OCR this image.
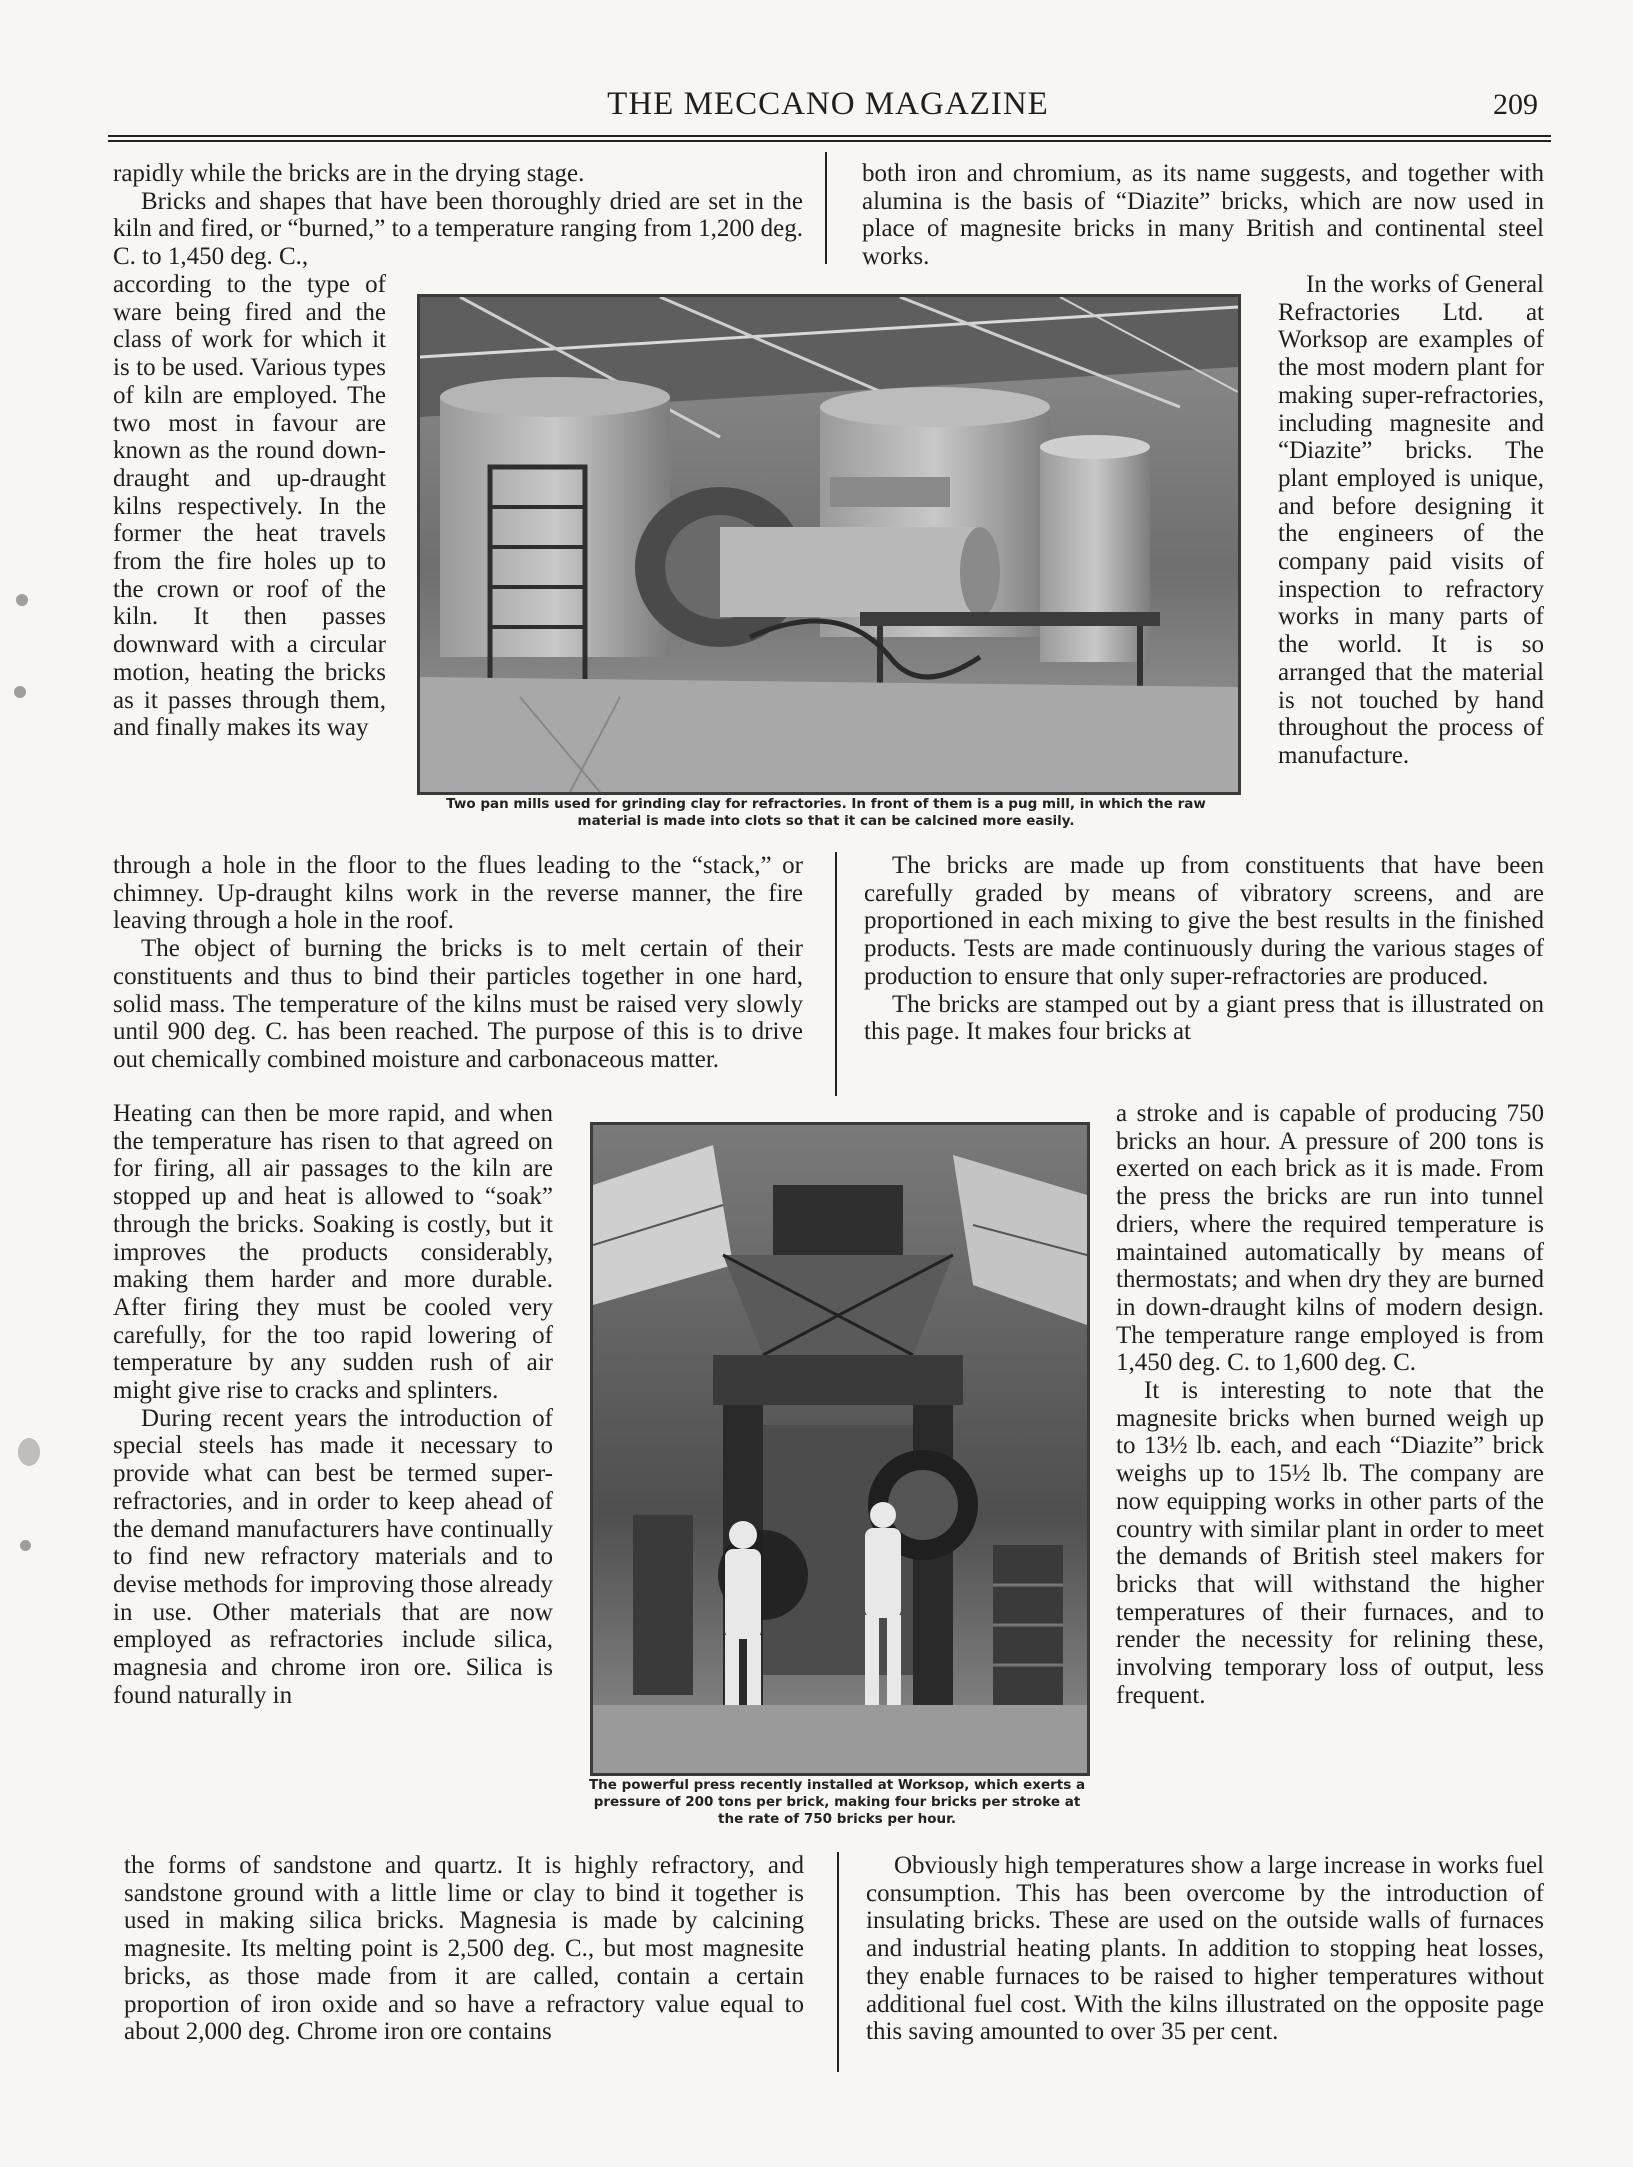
THE MECCANO MAGAZINE	209

rapidly while the bricks are in the drying stage.

Bricks and shapes that have been thoroughly dried are set in the kiln and fired, or “burned,” to a temperature ranging from 1,200 deg. C. to 1,450 deg. C.,

both iron and chromium, as its name suggests, and together with alumina is the basis of “Diazite” bricks, which are now used in place of magnesite bricks in many British and continental steel works.

according to the type of ware being fired and the class of work for which it is to be used. Various types of kiln are employed. The two most in favour are known as the round down-draught and up-draught kilns respectively. In the former the heat travels from the fire holes up to the crown or roof of the kiln. It then passes downward with a circular motion, heating the bricks as it passes through them, and finally makes its way

In the works of General Refractories Ltd. at Worksop are examples of the most modern plant for making super-refractories, including magnesite and “Diazite” bricks. The plant employed is unique, and before designing it the engineers of the company paid visits of inspection to refractory works in many parts of the world. It is so arranged that the material is not touched by hand throughout the process of manufacture.

Two pan mills used for grinding clay for refractories. In front of them is a pug mill, in which the raw material is made into clots so that it can be calcined more easily.

through a hole in the floor to the flues leading to the “stack,” or chimney. Up-draught kilns work in the reverse manner, the fire leaving through a hole in the roof.

The object of burning the bricks is to melt certain of their constituents and thus to bind their particles together in one hard, solid mass. The temperature of the kilns must be raised very slowly until 900 deg. C. has been reached. The purpose of this is to drive out chemically combined moisture and carbonaceous matter.

The bricks are made up from constituents that have been carefully graded by means of vibratory screens, and are proportioned in each mixing to give the best results in the finished products. Tests are made continuously during the various stages of production to ensure that only super-refractories are produced.

The bricks are stamped out by a giant press that is illustrated on this page. It makes four bricks at

Heating can then be more rapid, and when the temperature has risen to that agreed on for firing, all air passages to the kiln are stopped up and heat is allowed to “soak” through the bricks. Soaking is costly, but it improves the products considerably, making them harder and more durable. After firing they must be cooled very carefully, for the too rapid lowering of temperature by any sudden rush of air might give rise to cracks and splinters.

During recent years the introduction of special steels has made it necessary to provide what can best be termed super-refractories, and in order to keep ahead of the demand manufacturers have continually to find new refractory materials and to devise methods for improving those already in use. Other materials that are now employed as refractories include silica, magnesia and chrome iron ore. Silica is found naturally in

a stroke and is capable of producing 750 bricks an hour. A pressure of 200 tons is exerted on each brick as it is made. From the press the bricks are run into tunnel driers, where the required temperature is maintained automatically by means of thermostats; and when dry they are burned in down-draught kilns of modern design. The temperature range employed is from 1,450 deg. C. to 1,600 deg. C.

It is interesting to note that the magnesite bricks when burned weigh up to 13½ lb. each, and each “Diazite” brick weighs up to 15½ lb. The company are now equipping works in other parts of the country with similar plant in order to meet the demands of British steel makers for bricks that will withstand the higher temperatures of their furnaces, and to render the necessity for relining these, involving temporary loss of output, less frequent.

The powerful press recently installed at Worksop, which exerts a pressure of 200 tons per brick, making four bricks per stroke at the rate of 750 bricks per hour.

the forms of sandstone and quartz. It is highly refractory, and sandstone ground with a little lime or clay to bind it together is used in making silica bricks. Magnesia is made by calcining magnesite. Its melting point is 2,500 deg. C., but most magnesite bricks, as those made from it are called, contain a certain proportion of iron oxide and so have a refractory value equal to about 2,000 deg. Chrome iron ore contains

Obviously high temperatures show a large increase in works fuel consumption. This has been overcome by the introduction of insulating bricks. These are used on the outside walls of furnaces and industrial heating plants. In addition to stopping heat losses, they enable furnaces to be raised to higher temperatures without additional fuel cost. With the kilns illustrated on the opposite page this saving amounted to over 35 per cent.
